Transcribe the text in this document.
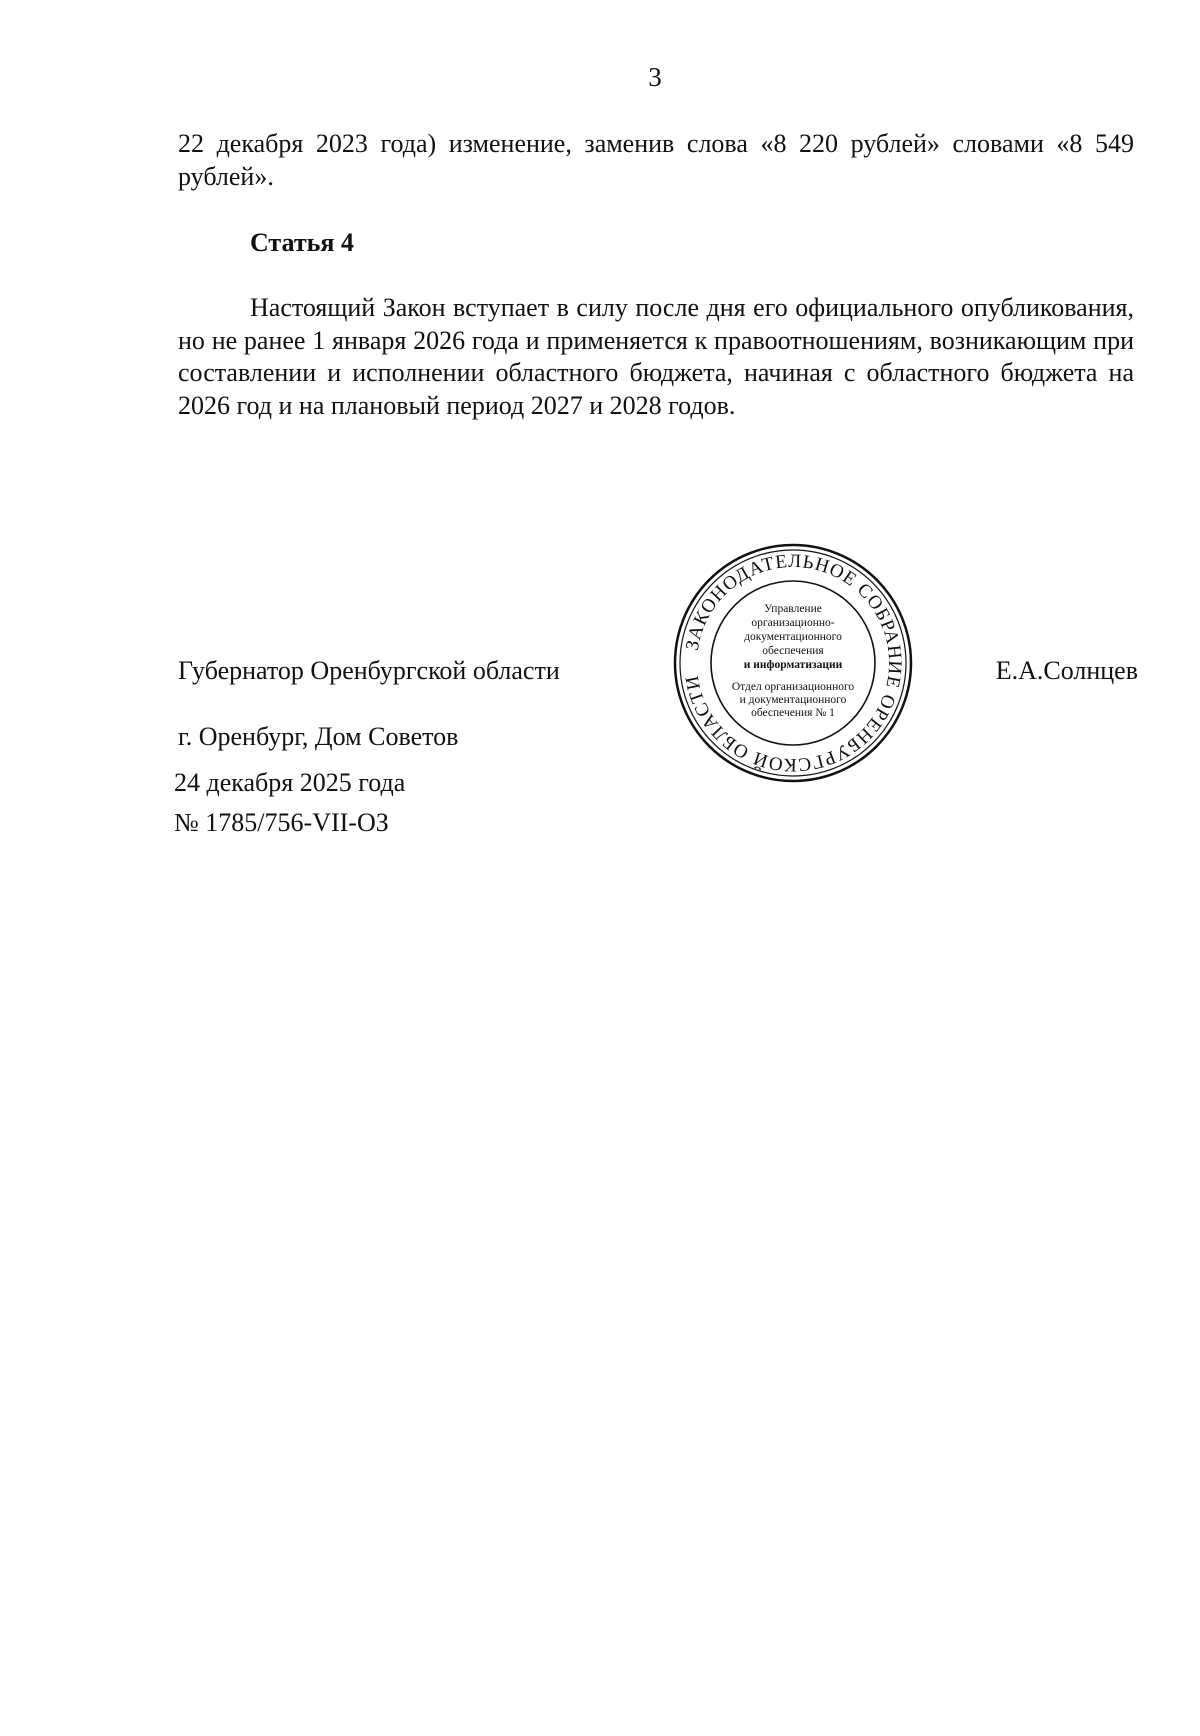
3
22 декабря 2023 года) изменение, заменив слова «8 220 рублей» словами «8 549 рублей».
Статья 4
Настоящий Закон вступает в силу после дня его официального опубликования, но не ранее 1 января 2026 года и применяется к правоотношениям, возникающим при составлении и исполнении областного бюджета, начиная с областного бюджета на 2026 год и на плановый период 2027 и 2028 годов.
Губернатор Оренбургской области
ЗАКОНОДАТЕЛЬНОЕ СОБРАНИЕ ОРЕНБУРГСКОЙ ОБЛАСТИ
Управление
организационно-
документационного
обеспечения
и информатизации
Отдел организационного
и документационного
обеспечения № 1
Е.А.Солнцев
г. Оренбург, Дом Советов
24 декабря 2025 года
№ 1785/756-VII-ОЗ
